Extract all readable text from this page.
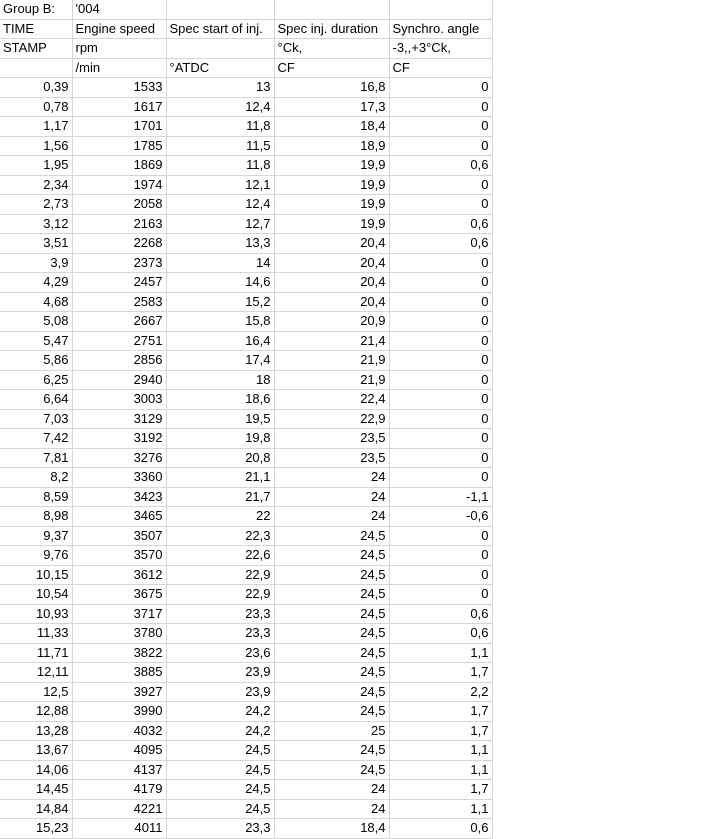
Group B:	'004			
TIME	Engine speed	Spec start of inj.	Spec inj. duration	Synchro. angle
STAMP	rpm		°Ck,	-3,,+3°Ck,
	/min	°ATDC	CF	CF
0,39	1533	13	16,8	0
0,78	1617	12,4	17,3	0
1,17	1701	11,8	18,4	0
1,56	1785	11,5	18,9	0
1,95	1869	11,8	19,9	0,6
2,34	1974	12,1	19,9	0
2,73	2058	12,4	19,9	0
3,12	2163	12,7	19,9	0,6
3,51	2268	13,3	20,4	0,6
3,9	2373	14	20,4	0
4,29	2457	14,6	20,4	0
4,68	2583	15,2	20,4	0
5,08	2667	15,8	20,9	0
5,47	2751	16,4	21,4	0
5,86	2856	17,4	21,9	0
6,25	2940	18	21,9	0
6,64	3003	18,6	22,4	0
7,03	3129	19,5	22,9	0
7,42	3192	19,8	23,5	0
7,81	3276	20,8	23,5	0
8,2	3360	21,1	24	0
8,59	3423	21,7	24	-1,1
8,98	3465	22	24	-0,6
9,37	3507	22,3	24,5	0
9,76	3570	22,6	24,5	0
10,15	3612	22,9	24,5	0
10,54	3675	22,9	24,5	0
10,93	3717	23,3	24,5	0,6
11,33	3780	23,3	24,5	0,6
11,71	3822	23,6	24,5	1,1
12,11	3885	23,9	24,5	1,7
12,5	3927	23,9	24,5	2,2
12,88	3990	24,2	24,5	1,7
13,28	4032	24,2	25	1,7
13,67	4095	24,5	24,5	1,1
14,06	4137	24,5	24,5	1,1
14,45	4179	24,5	24	1,7
14,84	4221	24,5	24	1,1
15,23	4011	23,3	18,4	0,6
